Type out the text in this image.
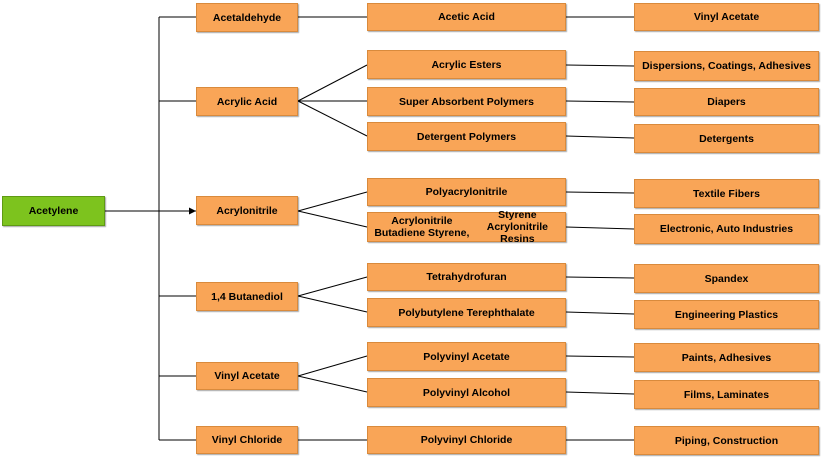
Acetylene
Acetaldehyde	Acetic Acid	Vinyl Acetate
Acrylic Acid
Acrylic Esters	Dispersions, Coatings, Adhesives
Super Absorbent Polymers	Diapers
Detergent Polymers	Detergents
Acrylonitrile
Polyacrylonitrile	Textile Fibers
Acrylonitrile Butadiene Styrene,
Styrene Acrylonitrile Resins
Electronic, Auto Industries
1,4 Butanediol
Tetrahydrofuran	Spandex
Polybutylene Terephthalate	Engineering Plastics
Vinyl Acetate
Polyvinyl Acetate	Paints, Adhesives
Polyvinyl Alcohol	Films, Laminates
Vinyl Chloride	Polyvinyl Chloride	Piping, Construction
